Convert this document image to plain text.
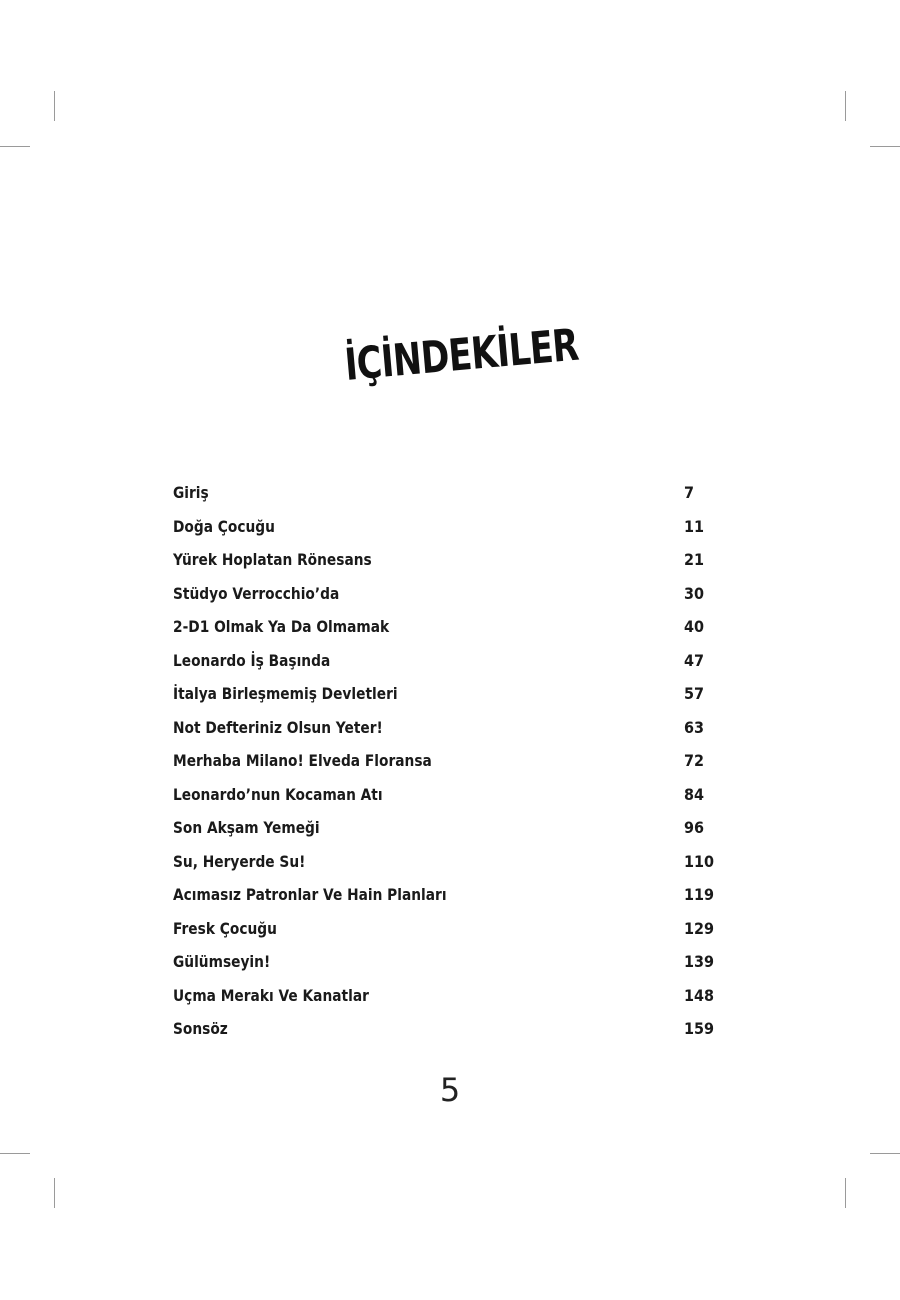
İÇİNDEKİLER
Giriş	7
Doğa Çocuğu	11
Yürek Hoplatan Rönesans	21
Stüdyo Verrocchio’da	30
2-D1 Olmak Ya Da Olmamak	40
Leonardo İş Başında	47
İtalya Birleşmemiş Devletleri	57
Not Defteriniz Olsun Yeter!	63
Merhaba Milano! Elveda Floransa	72
Leonardo’nun Kocaman Atı	84
Son Akşam Yemeği	96
Su, Heryerde Su!	110
Acımasız Patronlar Ve Hain Planları	119
Fresk Çocuğu	129
Gülümseyin!	139
Uçma Merakı Ve Kanatlar	148
Sonsöz	159
5
